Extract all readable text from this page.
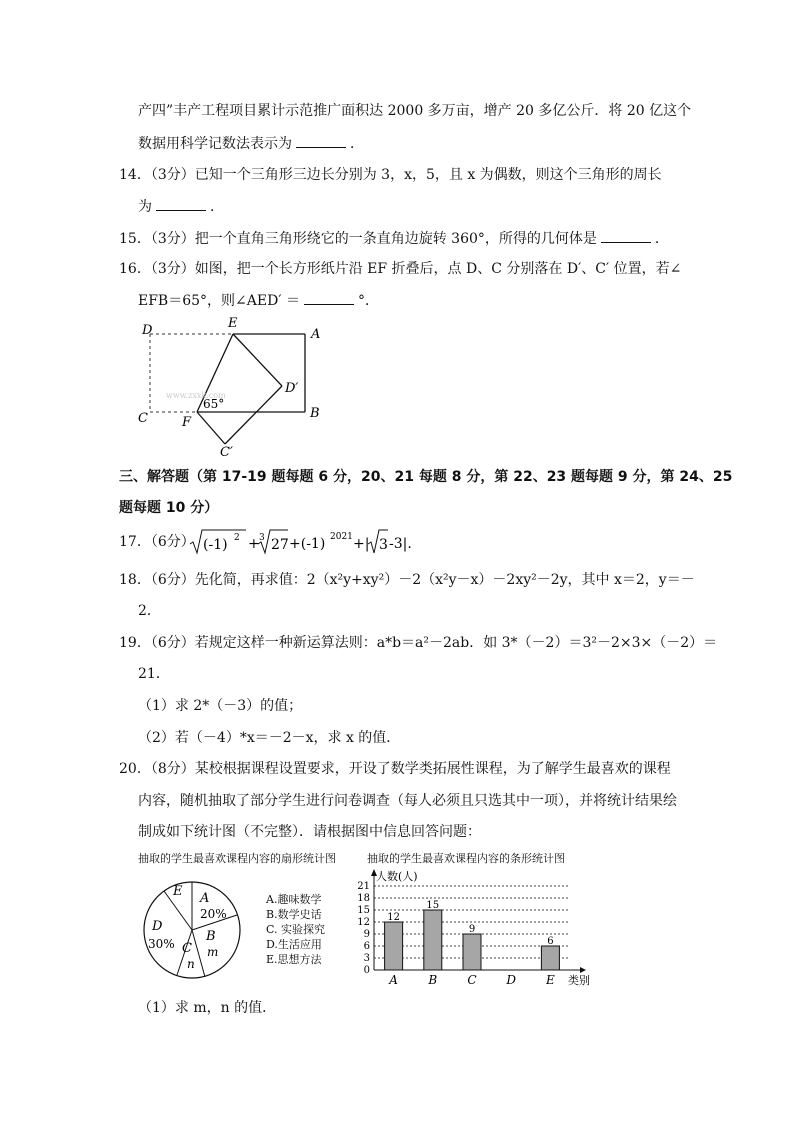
产四”丰产工程项目累计示范推广面积达 2000 多万亩，增产 20 多亿公斤．将 20 亿这个
数据用科学记数法表示为	．
14．（3分）已知一个三角形三边长分别为 3，x，5，且 x 为偶数，则这个三角形的周长
为	．
15．（3分）把一个直角三角形绕它的一条直角边旋转 360°，所得的几何体是	．
16．（3分）如图，把一个长方形纸片沿 EF 折叠后，点 D、C 分别落在 D′、C′ 位置，若∠
EFB＝65°，则∠AED′ ＝	°．
D	E
A
D′
B
C	F
C′
65°
www.zxxk.com
三、解答题（第 17-19 题每题 6 分，20、21 每题 8 分，第 22、23 题每题 9 分，第 24、25
题每题 10 分）
17．（6分） (-1) 2 + 3 27 +(-1) 2021 +| 3 -3|.
18．（6分）先化简，再求值：2（x²y+xy²）－2（x²y－x）－2xy²－2y，其中 x＝2，y＝－
2．
19．（6分）若规定这样一种新运算法则：a*b＝a²－2ab．如 3*（－2）＝3²－2×3×（－2）＝
21．
（1）求 2*（－3）的值；
（2）若（－4）*x＝－2－x，求 x 的值．
20．（8分）某校根据课程设置要求，开设了数学类拓展性课程，为了解学生最喜欢的课程
内容，随机抽取了部分学生进行问卷调查（每人必须且只选其中一项），并将统计结果绘
制成如下统计图（不完整）．请根据图中信息回答问题：
抽取的学生最喜欢课程内容的扇形统计图	抽取的学生最喜欢课程内容的条形统计图
A
20%
B
m
C
n
D
30%
E
A.趣味数学
B.数学史话
C. 实验探究
D.生活应用
E.思想方法
0
3
6
9
12
15
18
21
12
A
15
B
9
C D
6
E
人数(人)
类别
（1）求 m，n 的值．
